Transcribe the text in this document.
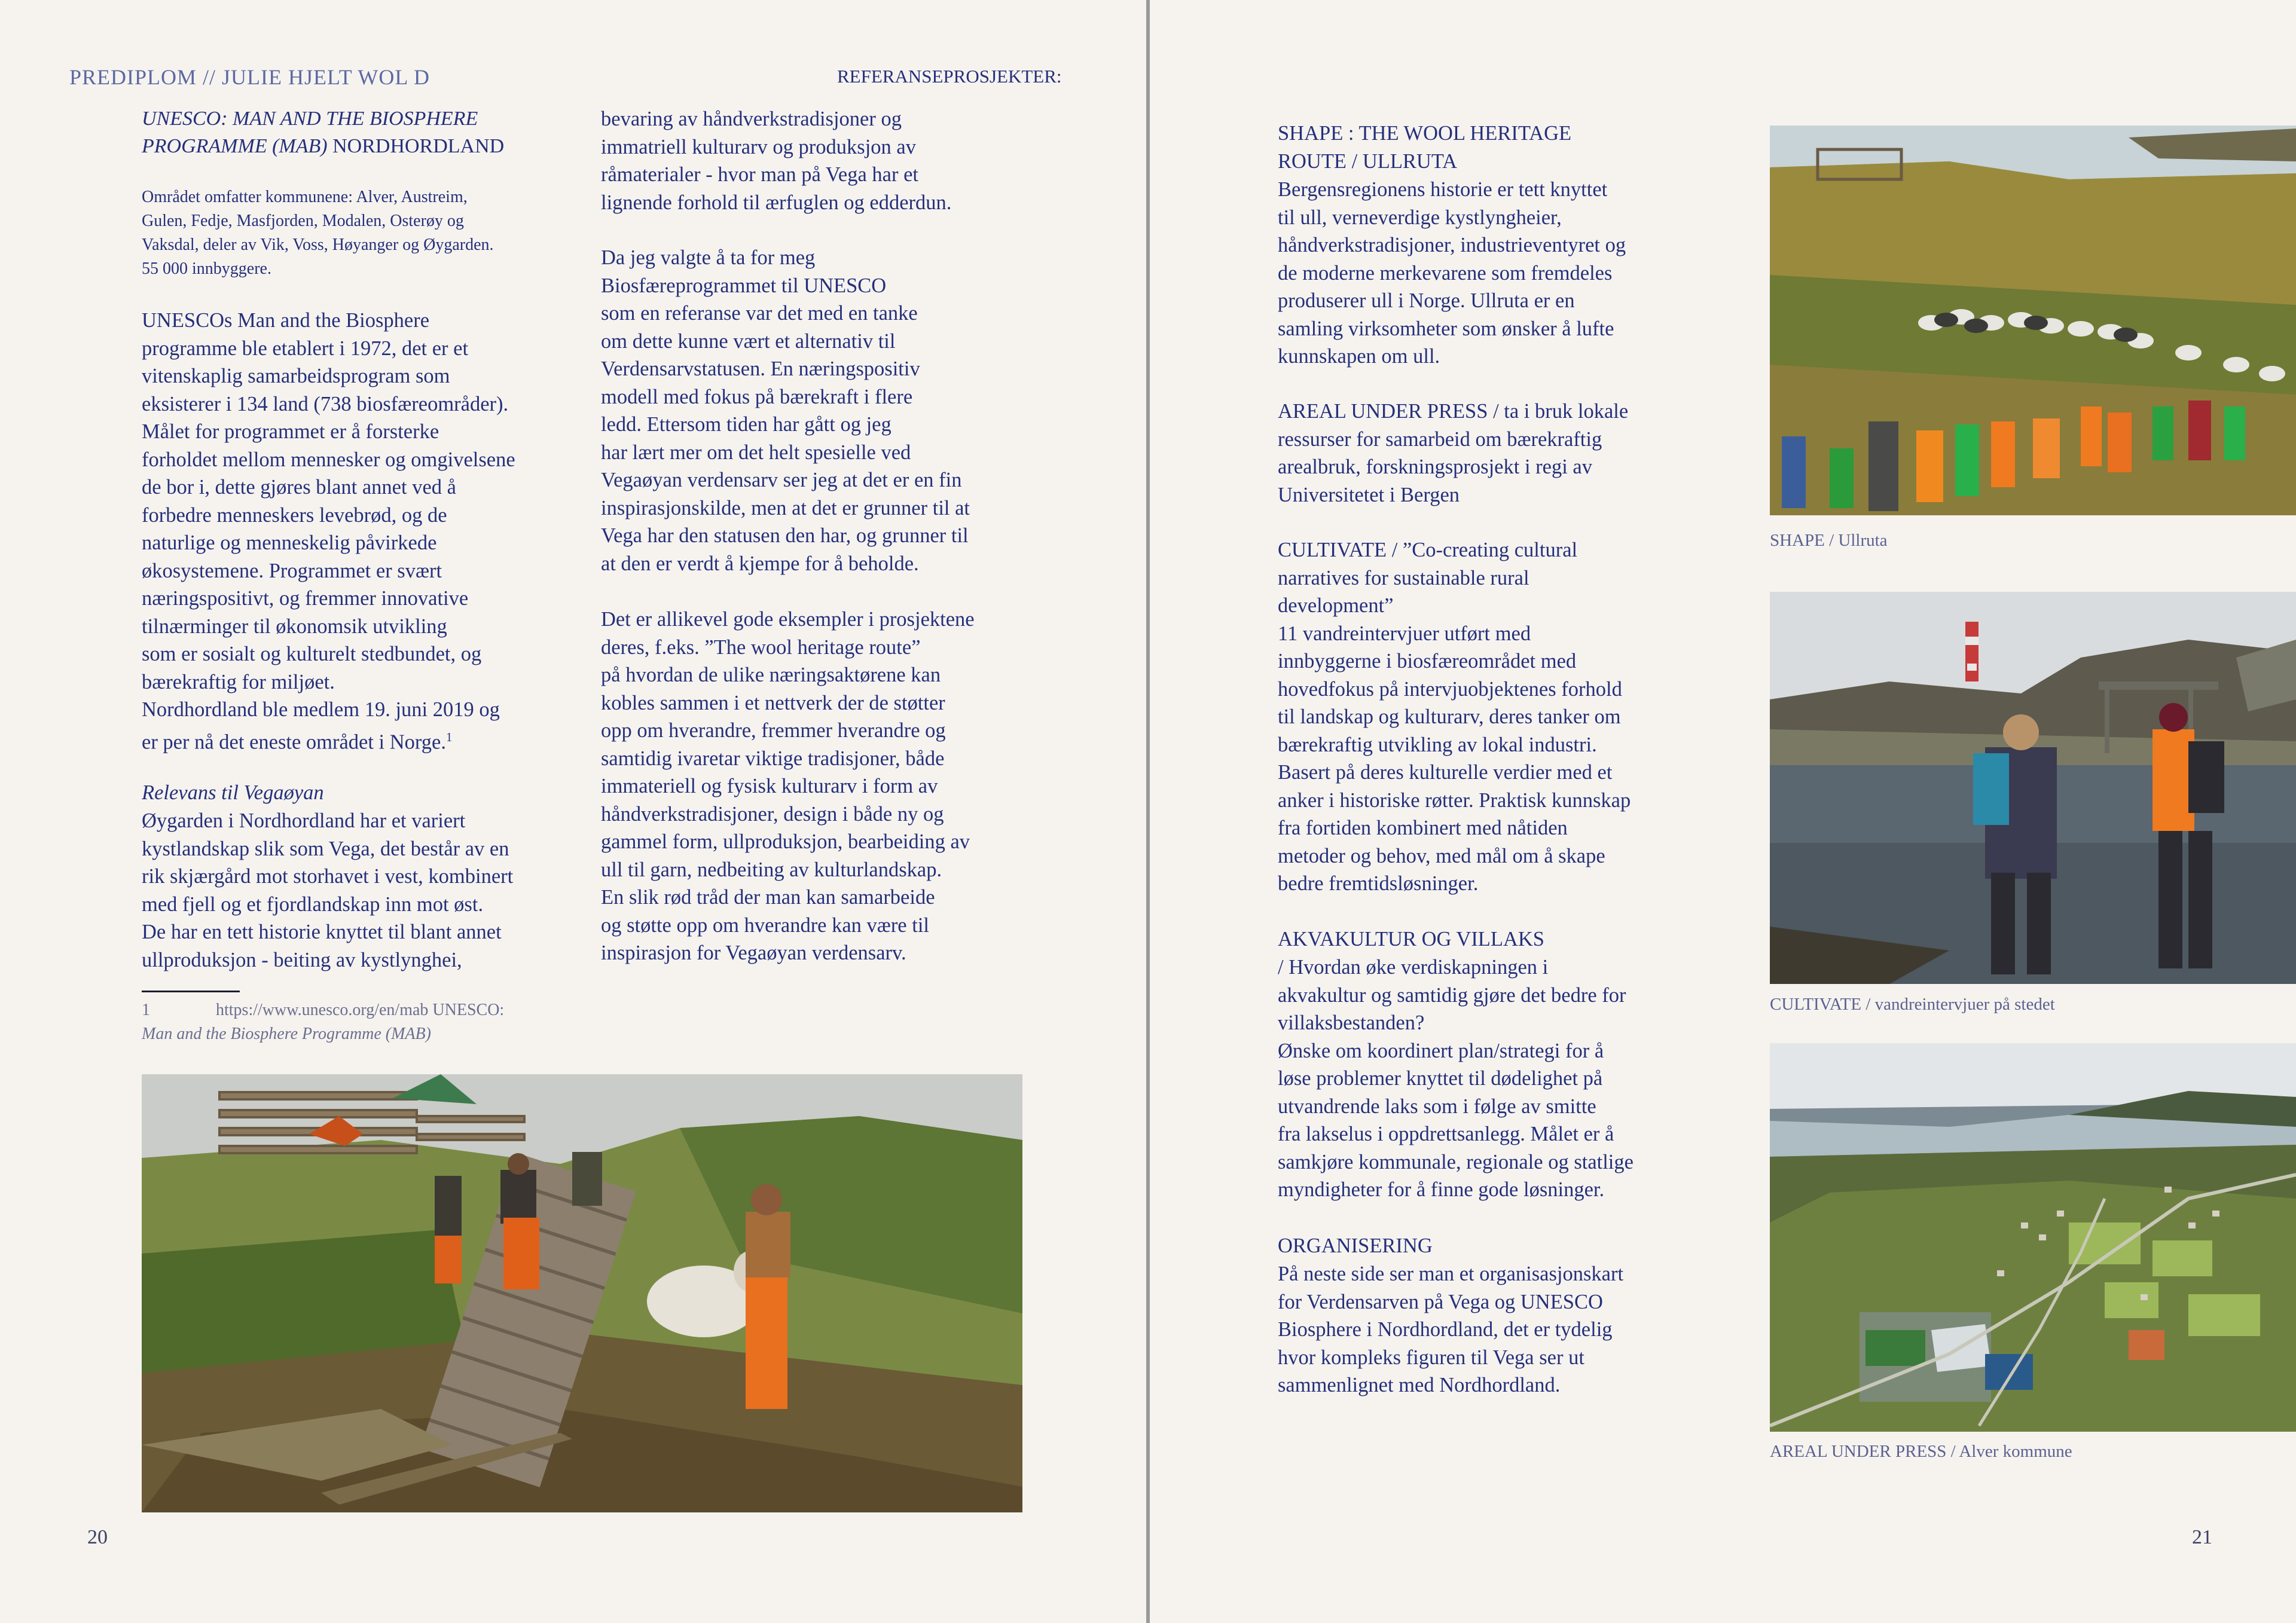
PREDIPLOM // JULIE HJELT WOL D	REFERANSEPROSJEKTER:
UNESCO: MAN AND THE BIOSPHERE
PROGRAMME (MAB) NORDHORDLAND
Området omfatter kommunene: Alver, Austreim,
Gulen, Fedje, Masfjorden, Modalen, Osterøy og
Vaksdal, deler av Vik, Voss, Høyanger og Øygarden.
55 000 innbyggere.
UNESCOs Man and the Biosphere
programme ble etablert i 1972, det er et
vitenskaplig samarbeidsprogram som
eksisterer i 134 land (738 biosfæreområder).
Målet for programmet er å forsterke
forholdet mellom mennesker og omgivelsene
de bor i, dette gjøres blant annet ved å
forbedre menneskers levebrød, og de
naturlige og menneskelig påvirkede
økosystemene. Programmet er svært
næringspositivt, og fremmer innovative
tilnærminger til økonomsik utvikling
som er sosialt og kulturelt stedbundet, og
bærekraftig for miljøet.
Nordhordland ble medlem 19. juni 2019 og
er per nå det eneste området i Norge.$^1$
Relevans til Vegaøyan
Øygarden i Nordhordland har et variert
kystlandskap slik som Vega, det består av en
rik skjærgård mot storhavet i vest, kombinert
med fjell og et fjordlandskap inn mot øst.
De har en tett historie knyttet til blant annet
ullproduksjon - beiting av kystlynghei,
bevaring av håndverkstradisjoner og
immatriell kulturarv og produksjon av
råmaterialer - hvor man på Vega har et
lignende forhold til ærfuglen og edderdun.
Da jeg valgte å ta for meg
Biosfæreprogrammet til UNESCO
som en referanse var det med en tanke
om dette kunne vært et alternativ til
Verdensarvstatusen. En næringspositiv
modell med fokus på bærekraft i flere
ledd. Ettersom tiden har gått og jeg
har lært mer om det helt spesielle ved
Vegaøyan verdensarv ser jeg at det er en fin
inspirasjonskilde, men at det er grunner til at
Vega har den statusen den har, og grunner til
at den er verdt å kjempe for å beholde.
Det er allikevel gode eksempler i prosjektene
deres, f.eks. ”The wool heritage route”
på hvordan de ulike næringsaktørene kan
kobles sammen i et nettverk der de støtter
opp om hverandre, fremmer hverandre og
samtidig ivaretar viktige tradisjoner, både
immateriell og fysisk kulturarv i form av
håndverkstradisjoner, design i både ny og
gammel form, ullproduksjon, bearbeiding av
ull til garn, nedbeiting av kulturlandskap.
En slik rød tråd der man kan samarbeide
og støtte opp om hverandre kan være til
inspirasjon for Vegaøyan verdensarv.
1	https://www.unesco.org/en/mab UNESCO:
Man and the Biosphere Programme (MAB)
20
SHAPE : THE WOOL HERITAGE
ROUTE / ULLRUTA
Bergensregionens historie er tett knyttet
til ull, verneverdige kystlyngheier,
håndverkstradisjoner, industrieventyret og
de moderne merkevarene som fremdeles
produserer ull i Norge. Ullruta er en
samling virksomheter som ønsker å lufte
kunnskapen om ull.
AREAL UNDER PRESS / ta i bruk lokale
ressurser for samarbeid om bærekraftig
arealbruk, forskningsprosjekt i regi av
Universitetet i Bergen
CULTIVATE / ”Co-creating cultural
narratives for sustainable rural
development”
11 vandreintervjuer utført med
innbyggerne i biosfæreområdet med
hovedfokus på intervjuobjektenes forhold
til landskap og kulturarv, deres tanker om
bærekraftig utvikling av lokal industri.
Basert på deres kulturelle verdier med et
anker i historiske røtter. Praktisk kunnskap
fra fortiden kombinert med nåtiden
metoder og behov, med mål om å skape
bedre fremtidsløsninger.
AKVAKULTUR OG VILLAKS
/ Hvordan øke verdiskapningen i
akvakultur og samtidig gjøre det bedre for
villaksbestanden?
Ønske om koordinert plan/strategi for å
løse problemer knyttet til dødelighet på
utvandrende laks som i følge av smitte
fra lakselus i oppdrettsanlegg. Målet er å
samkjøre kommunale, regionale og statlige
myndigheter for å finne gode løsninger.
ORGANISERING
På neste side ser man et organisasjonskart
for Verdensarven på Vega og UNESCO
Biosphere i Nordhordland, det er tydelig
hvor kompleks figuren til Vega ser ut
sammenlignet med Nordhordland.
SHAPE / Ullruta
CULTIVATE / vandreintervjuer på stedet
AREAL UNDER PRESS / Alver kommune
21
